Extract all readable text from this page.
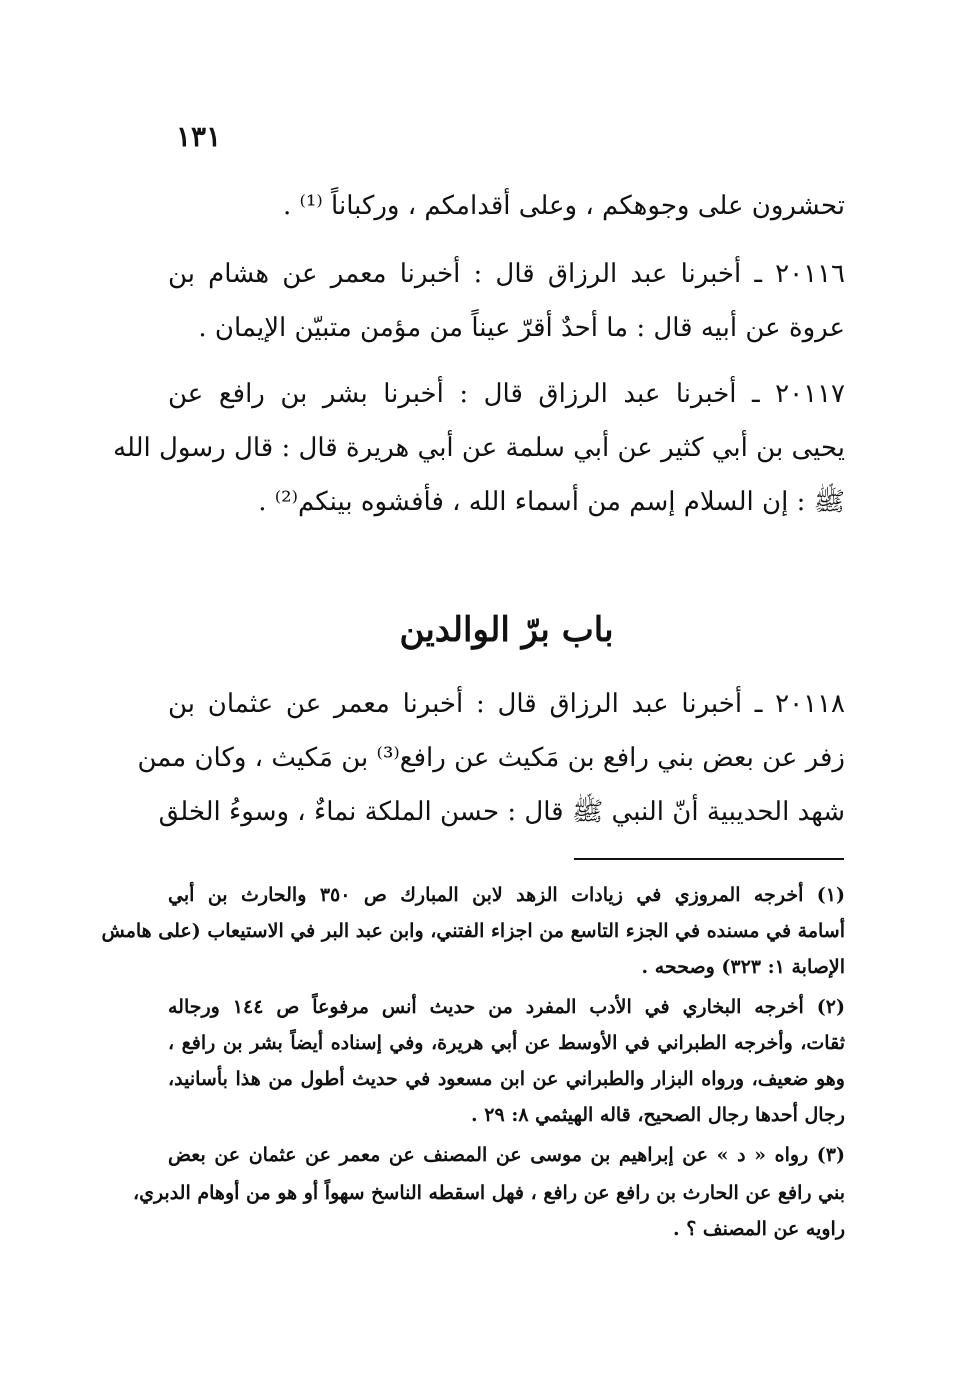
١٣١
تحشرون على وجوهكم ، وعلى أقدامكم ، وركباناً ⁽¹⁾ .
٢٠١١٦ ـ أخبرنا عبد الرزاق قال : أخبرنا معمر عن هشام بن
عروة عن أبيه قال : ما أحدٌ أقرّ عيناً من مؤمن متبيّن الإيمان .
٢٠١١٧ ـ أخبرنا عبد الرزاق قال : أخبرنا بشر بن رافع عن
يحيى بن أبي كثير عن أبي سلمة عن أبي هريرة قال : قال رسول الله
ﷺ : إن السلام إسم من أسماء الله ، فأفشوه بينكم⁽²⁾ .
باب برّ الوالدين
٢٠١١٨ ـ أخبرنا عبد الرزاق قال : أخبرنا معمر عن عثمان بن
زفر عن بعض بني رافع بن مَكيث عن رافع⁽³⁾ بن مَكيث ، وكان ممن
شهد الحديبية أنّ النبي ﷺ قال : حسن الملكة نماءٌ ، وسوءُ الخلق
(١) أخرجه المروزي في زيادات الزهد لابن المبارك ص ٣٥٠ والحارث بن أبي
أسامة في مسنده في الجزء التاسع من اجزاء الفتني، وابن عبد البر في الاستيعاب (على هامش
الإصابة ١: ٣٢٣) وصححه .
(٢) أخرجه البخاري في الأدب المفرد من حديث أنس مرفوعاً ص ١٤٤ ورجاله
ثقات، وأخرجه الطبراني في الأوسط عن أبي هريرة، وفي إسناده أيضاً بشر بن رافع ،
وهو ضعيف، ورواه البزار والطبراني عن ابن مسعود في حديث أطول من هذا بأسانيد،
رجال أحدها رجال الصحيح، قاله الهيثمي ٨: ٢٩ .
(٣) رواه « د » عن إبراهيم بن موسى عن المصنف عن معمر عن عثمان عن بعض
بني رافع عن الحارث بن رافع عن رافع ، فهل اسقطه الناسخ سهواً أو هو من أوهام الدبري،
راويه عن المصنف ؟ .
